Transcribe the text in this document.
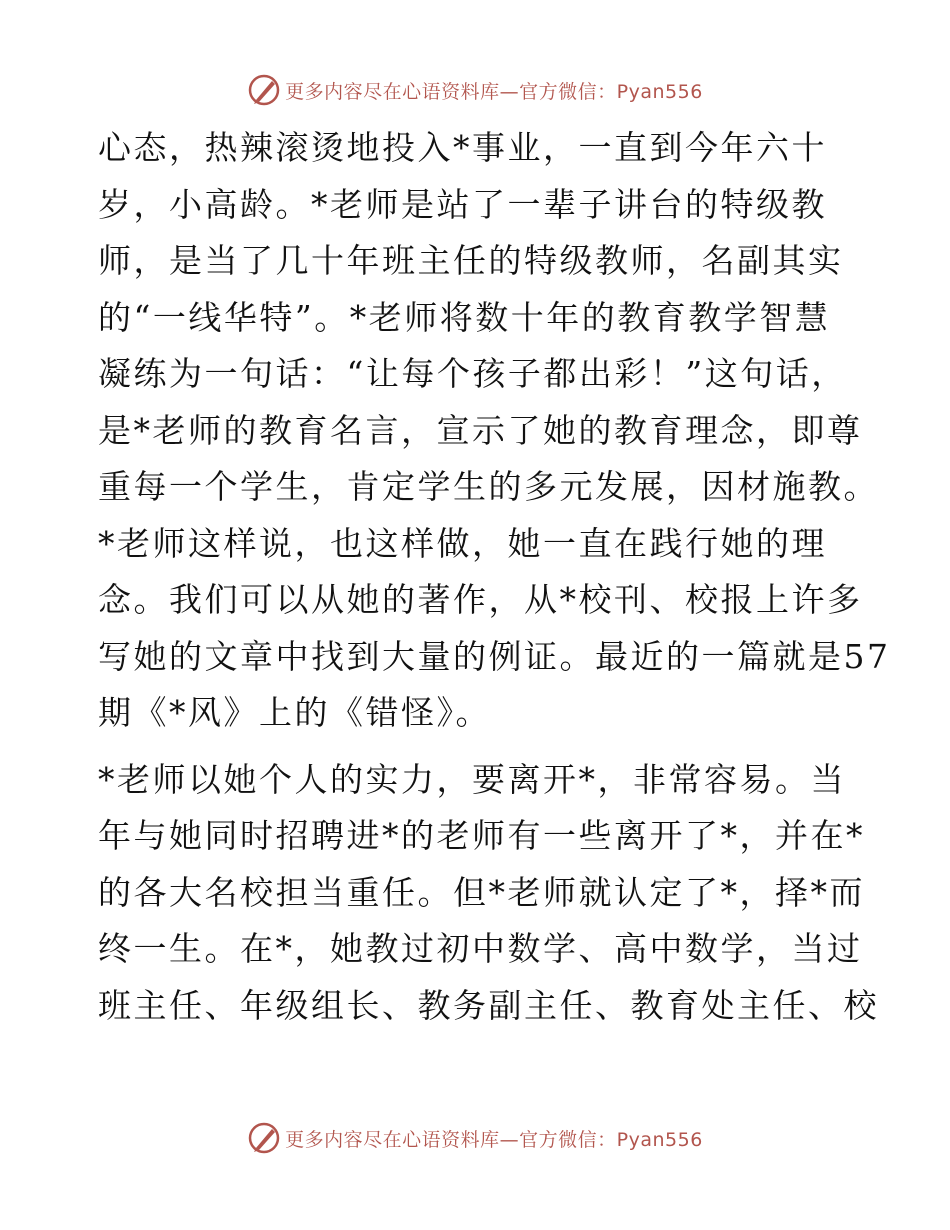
更多内容尽在心语资料库—官方微信：Pyan556
心态，热辣滚烫地投入*事业，一直到今年六十
岁，小高龄。*老师是站了一辈子讲台的特级教
师，是当了几十年班主任的特级教师，名副其实
的“一线华特”。*老师将数十年的教育教学智慧
凝练为一句话：“让每个孩子都出彩！”这句话，
是*老师的教育名言，宣示了她的教育理念，即尊
重每一个学生，肯定学生的多元发展，因材施教。
*老师这样说，也这样做，她一直在践行她的理
念。我们可以从她的著作，从*校刊、校报上许多
写她的文章中找到大量的例证。最近的一篇就是57
期《*风》上的《错怪》。
*老师以她个人的实力，要离开*，非常容易。当
年与她同时招聘进*的老师有一些离开了*，并在*
的各大名校担当重任。但*老师就认定了*，择*而
终一生。在*，她教过初中数学、高中数学，当过
班主任、年级组长、教务副主任、教育处主任、校
更多内容尽在心语资料库—官方微信：Pyan556
